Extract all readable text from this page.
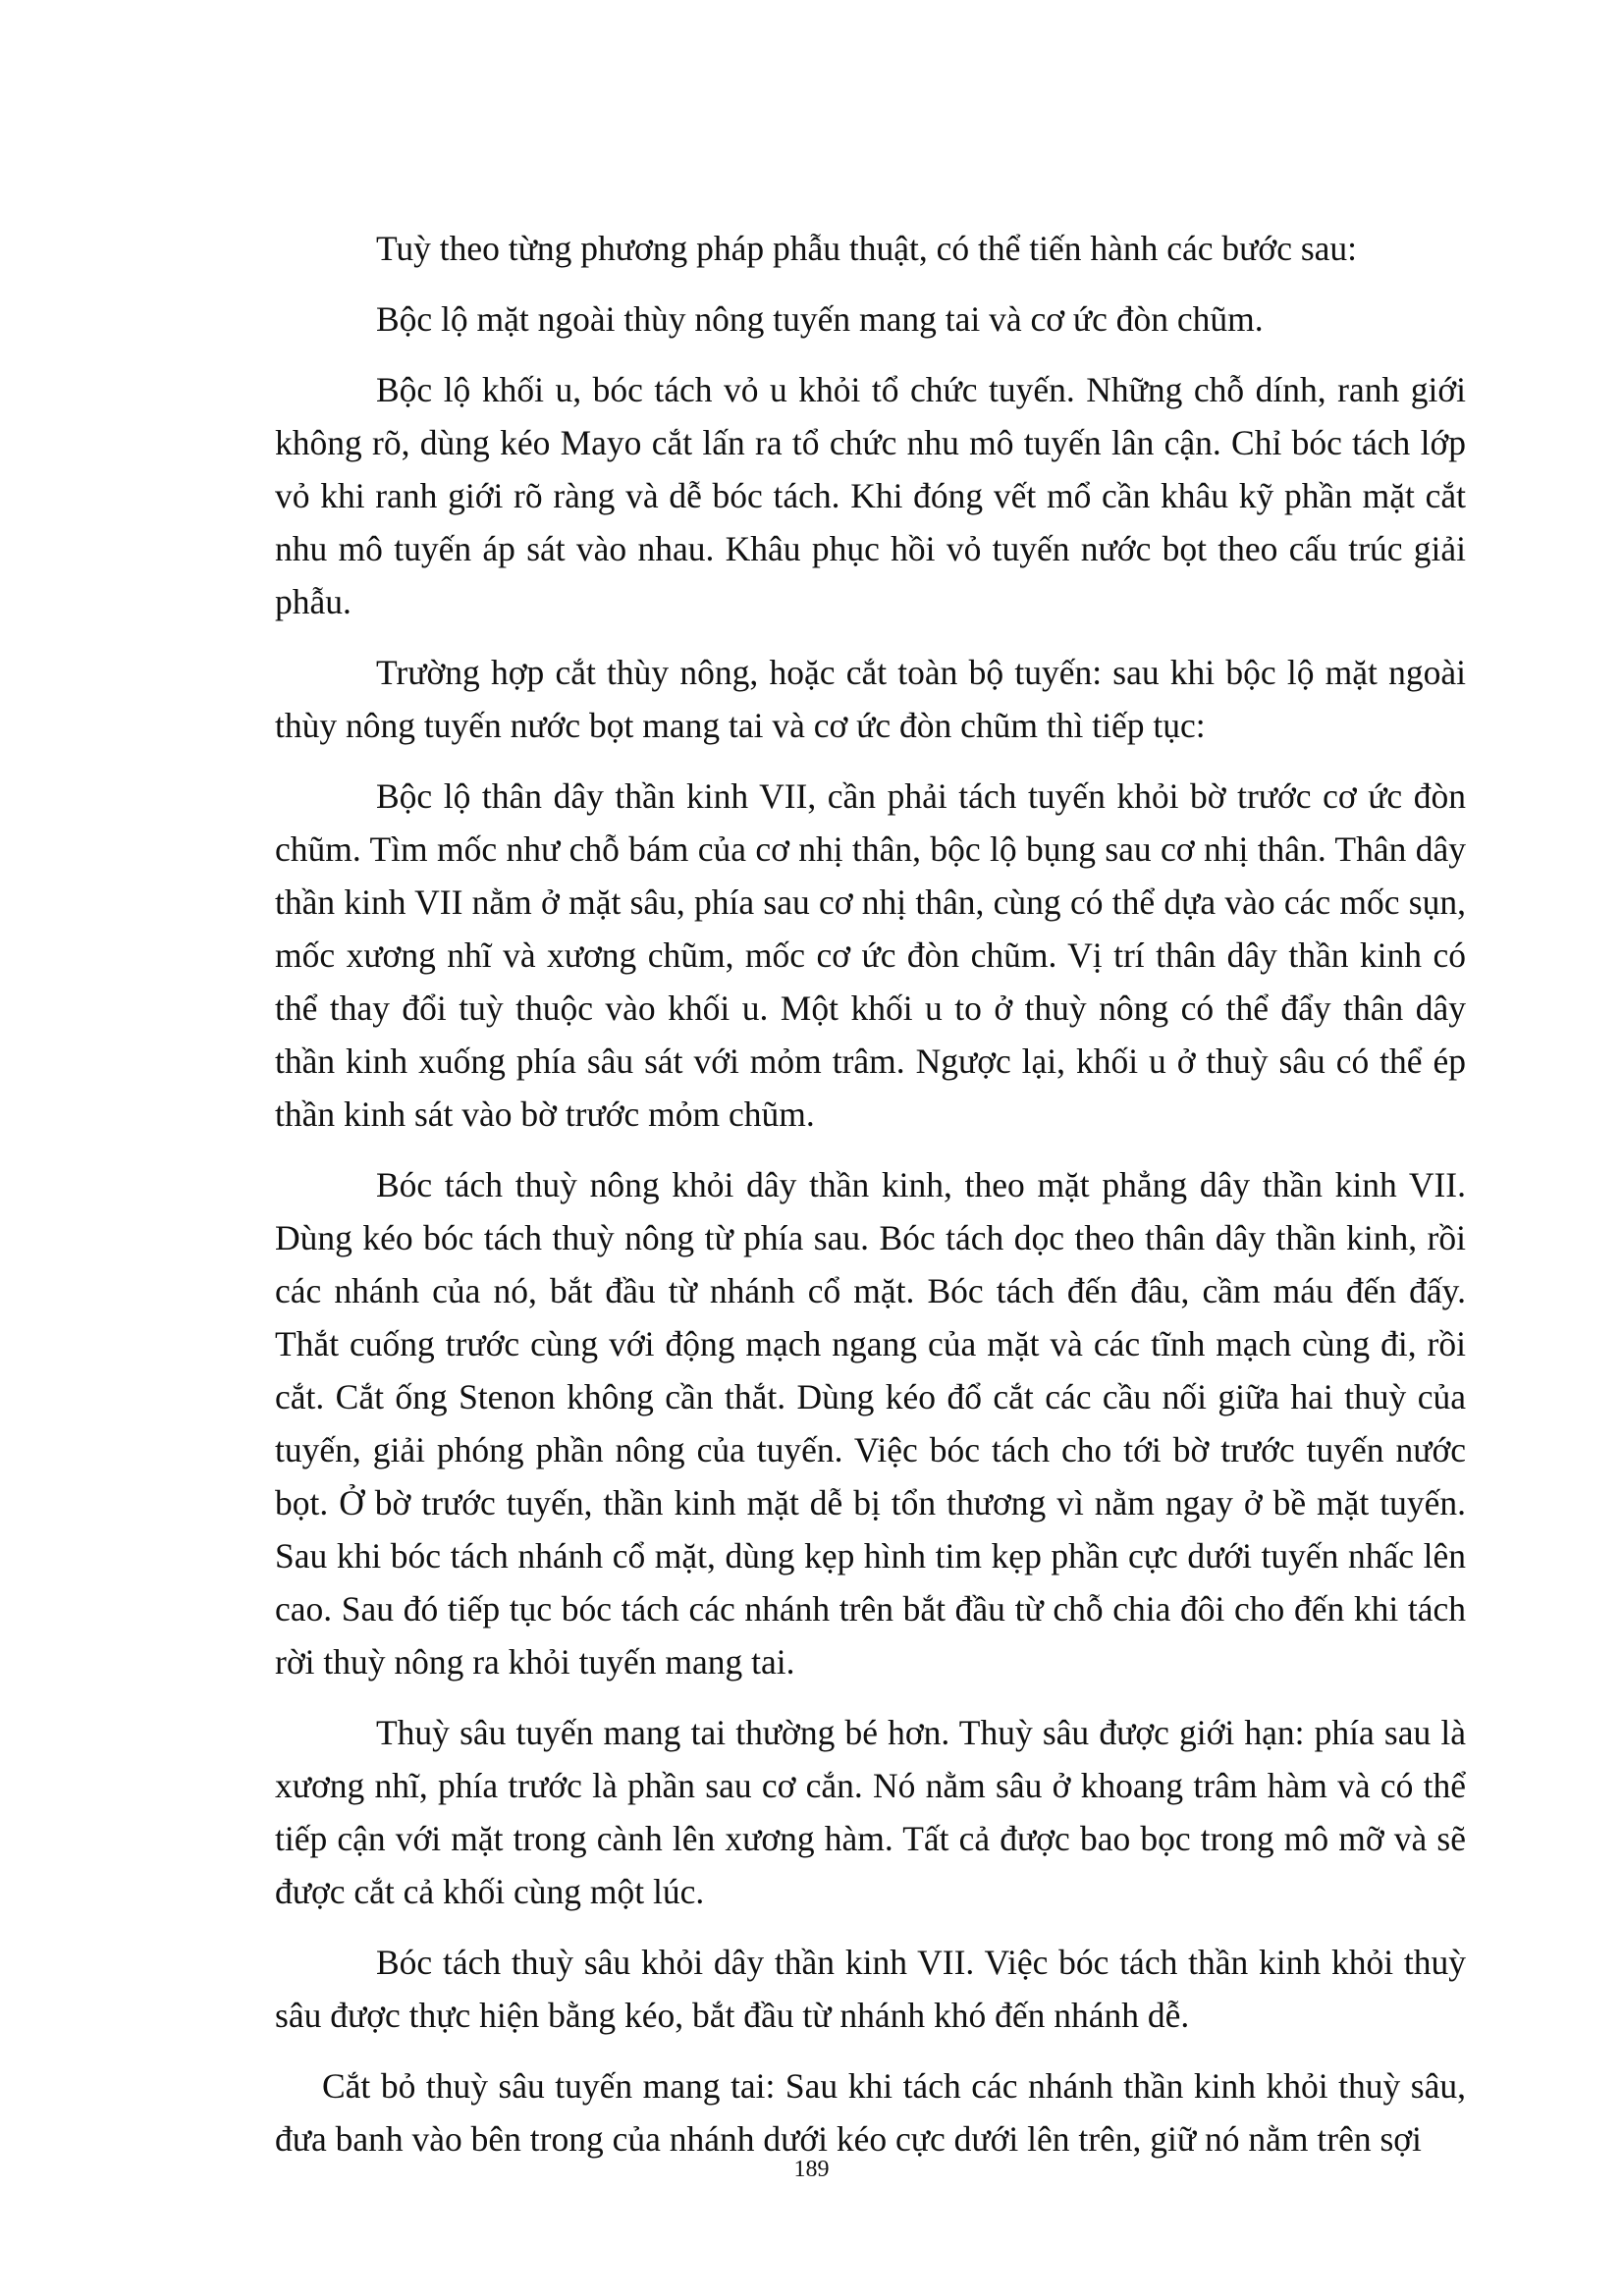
Tuỳ theo từng phương pháp phẫu thuật, có thể tiến hành các bước sau:

Bộc lộ mặt ngoài thùy nông tuyến mang tai và cơ ức đòn chũm.

Bộc lộ khối u, bóc tách vỏ u khỏi tổ chức tuyến. Những chỗ dính, ranh giới không rõ, dùng kéo Mayo cắt lấn ra tổ chức nhu mô tuyến lân cận. Chỉ bóc tách lớp vỏ khi ranh giới rõ ràng và dễ bóc tách. Khi đóng vết mổ cần khâu kỹ phần mặt cắt nhu mô tuyến áp sát vào nhau. Khâu phục hồi vỏ tuyến nước bọt theo cấu trúc giải phẫu.

Trường hợp cắt thùy nông, hoặc cắt toàn bộ tuyến: sau khi bộc lộ mặt ngoài thùy nông tuyến nước bọt mang tai và cơ ức đòn chũm thì tiếp tục:

Bộc lộ thân dây thần kinh VII, cần phải tách tuyến khỏi bờ trước cơ ức đòn chũm. Tìm mốc như chỗ bám của cơ nhị thân, bộc lộ bụng sau cơ nhị thân. Thân dây thần kinh VII nằm ở mặt sâu, phía sau cơ nhị thân, cùng có thể dựa vào các mốc sụn, mốc xương nhĩ và xương chũm, mốc cơ ức đòn chũm. Vị trí thân dây thần kinh có thể thay đổi tuỳ thuộc vào khối u. Một khối u to ở thuỳ nông có thể đẩy thân dây thần kinh xuống phía sâu sát với mỏm trâm. Ngược lại, khối u ở thuỳ sâu có thể ép thần kinh sát vào bờ trước mỏm chũm.

Bóc tách thuỳ nông khỏi dây thần kinh, theo mặt phẳng dây thần kinh VII. Dùng kéo bóc tách thuỳ nông từ phía sau. Bóc tách dọc theo thân dây thần kinh, rồi các nhánh của nó, bắt đầu từ nhánh cổ mặt. Bóc tách đến đâu, cầm máu đến đấy. Thắt cuống trước cùng với động mạch ngang của mặt và các tĩnh mạch cùng đi, rồi cắt. Cắt ống Stenon không cần thắt. Dùng kéo đổ cắt các cầu nối giữa hai thuỳ của tuyến, giải phóng phần nông của tuyến. Việc bóc tách cho tới bờ trước tuyến nước bọt. Ở bờ trước tuyến, thần kinh mặt dễ bị tổn thương vì nằm ngay ở bề mặt tuyến. Sau khi bóc tách nhánh cổ mặt, dùng kẹp hình tim kẹp phần cực dưới tuyến nhấc lên cao. Sau đó tiếp tục bóc tách các nhánh trên bắt đầu từ chỗ chia đôi cho đến khi tách rời thuỳ nông ra khỏi tuyến mang tai.

Thuỳ sâu tuyến mang tai thường bé hơn. Thuỳ sâu được giới hạn: phía sau là xương nhĩ, phía trước là phần sau cơ cắn. Nó nằm sâu ở khoang trâm hàm và có thể tiếp cận với mặt trong cành lên xương hàm. Tất cả được bao bọc trong mô mỡ và sẽ được cắt cả khối cùng một lúc.

Bóc tách thuỳ sâu khỏi dây thần kinh VII. Việc bóc tách thần kinh khỏi thuỳ sâu được thực hiện bằng kéo, bắt đầu từ nhánh khó đến nhánh dễ.

Cắt bỏ thuỳ sâu tuyến mang tai: Sau khi tách các nhánh thần kinh khỏi thuỳ sâu, đưa banh vào bên trong của nhánh dưới kéo cực dưới lên trên, giữ nó nằm trên sợi

189
